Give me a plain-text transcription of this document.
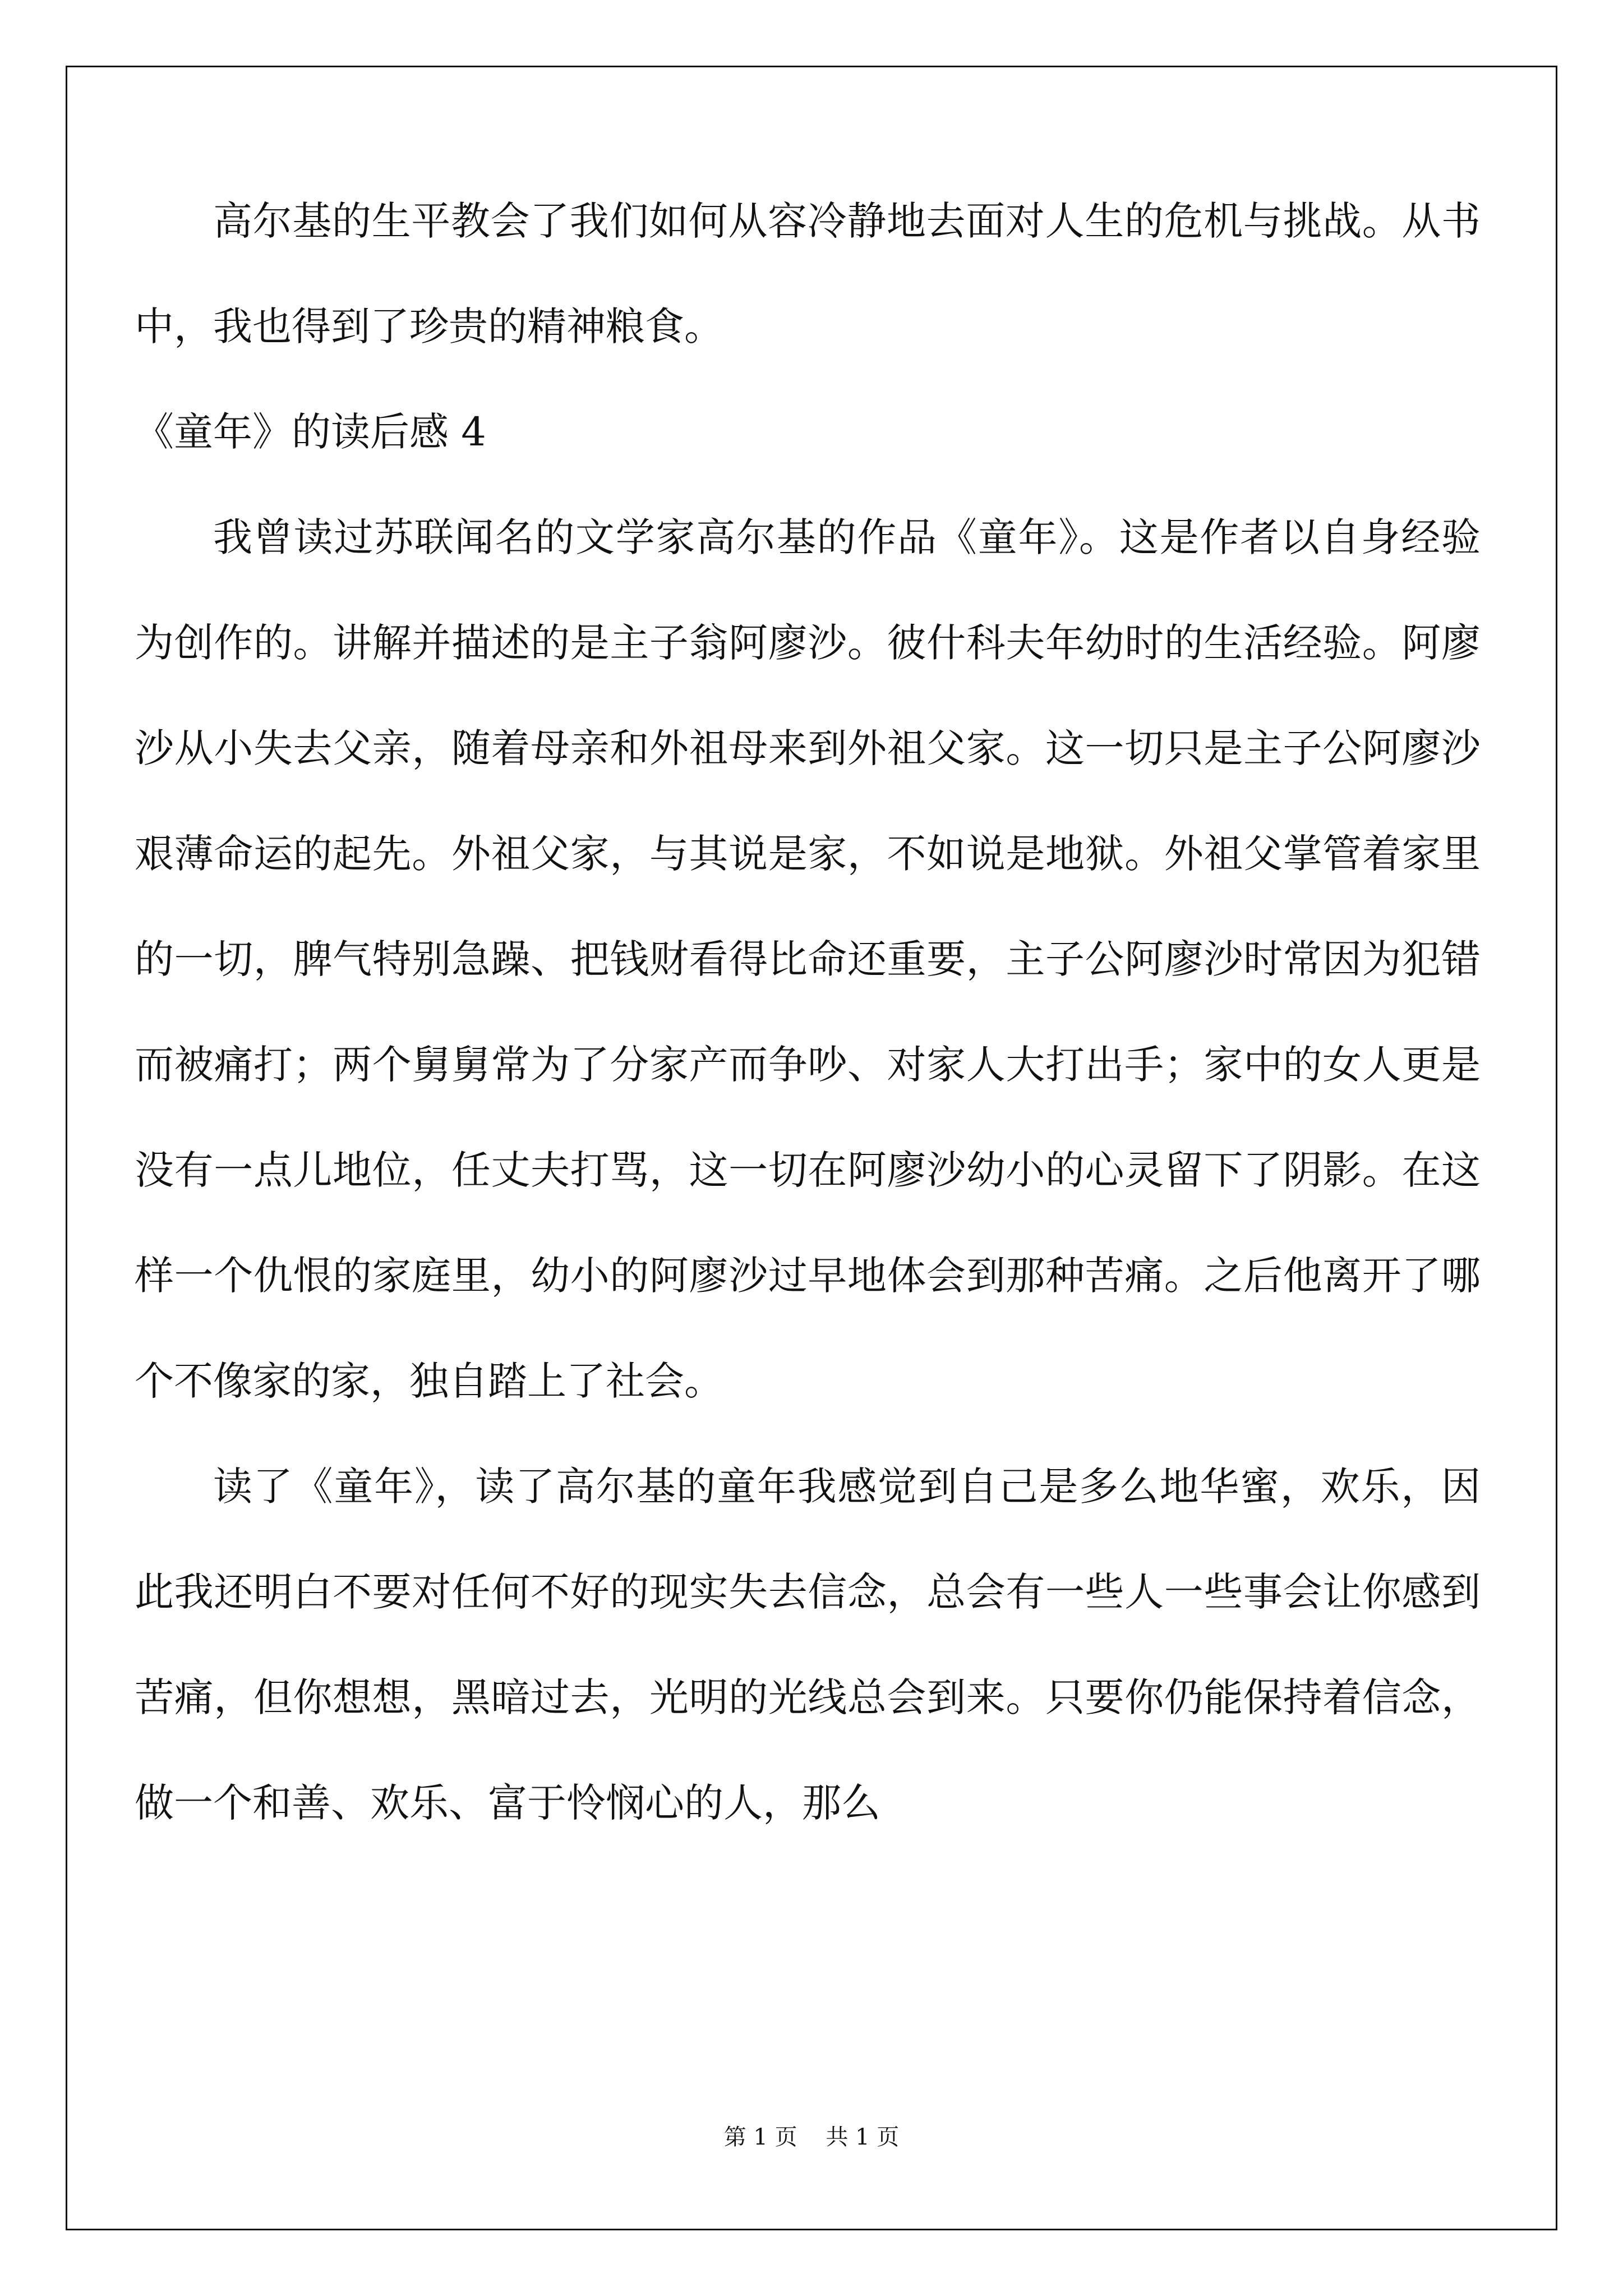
高尔基的生平教会了我们如何从容冷静地去面对人生的危机与挑战。从书中，我也得到了珍贵的精神粮食。

《童年》的读后感 4

我曾读过苏联闻名的文学家高尔基的作品《童年》。这是作者以自身经验为创作的。讲解并描述的是主子翁阿廖沙。彼什科夫年幼时的生活经验。阿廖沙从小失去父亲，随着母亲和外祖母来到外祖父家。这一切只是主子公阿廖沙艰薄命运的起先。外祖父家，与其说是家，不如说是地狱。外祖父掌管着家里的一切，脾气特别急躁、把钱财看得比命还重要，主子公阿廖沙时常因为犯错而被痛打；两个舅舅常为了分家产而争吵、对家人大打出手；家中的女人更是没有一点儿地位，任丈夫打骂，这一切在阿廖沙幼小的心灵留下了阴影。在这样一个仇恨的家庭里，幼小的阿廖沙过早地体会到那种苦痛。之后他离开了哪个不像家的家，独自踏上了社会。

读了《童年》，读了高尔基的童年我感觉到自己是多么地华蜜，欢乐，因此我还明白不要对任何不好的现实失去信念，总会有一些人一些事会让你感到苦痛，但你想想，黑暗过去，光明的光线总会到来。只要你仍能保持着信念，做一个和善、欢乐、富于怜悯心的人，那么

第 1 页    共 1 页
